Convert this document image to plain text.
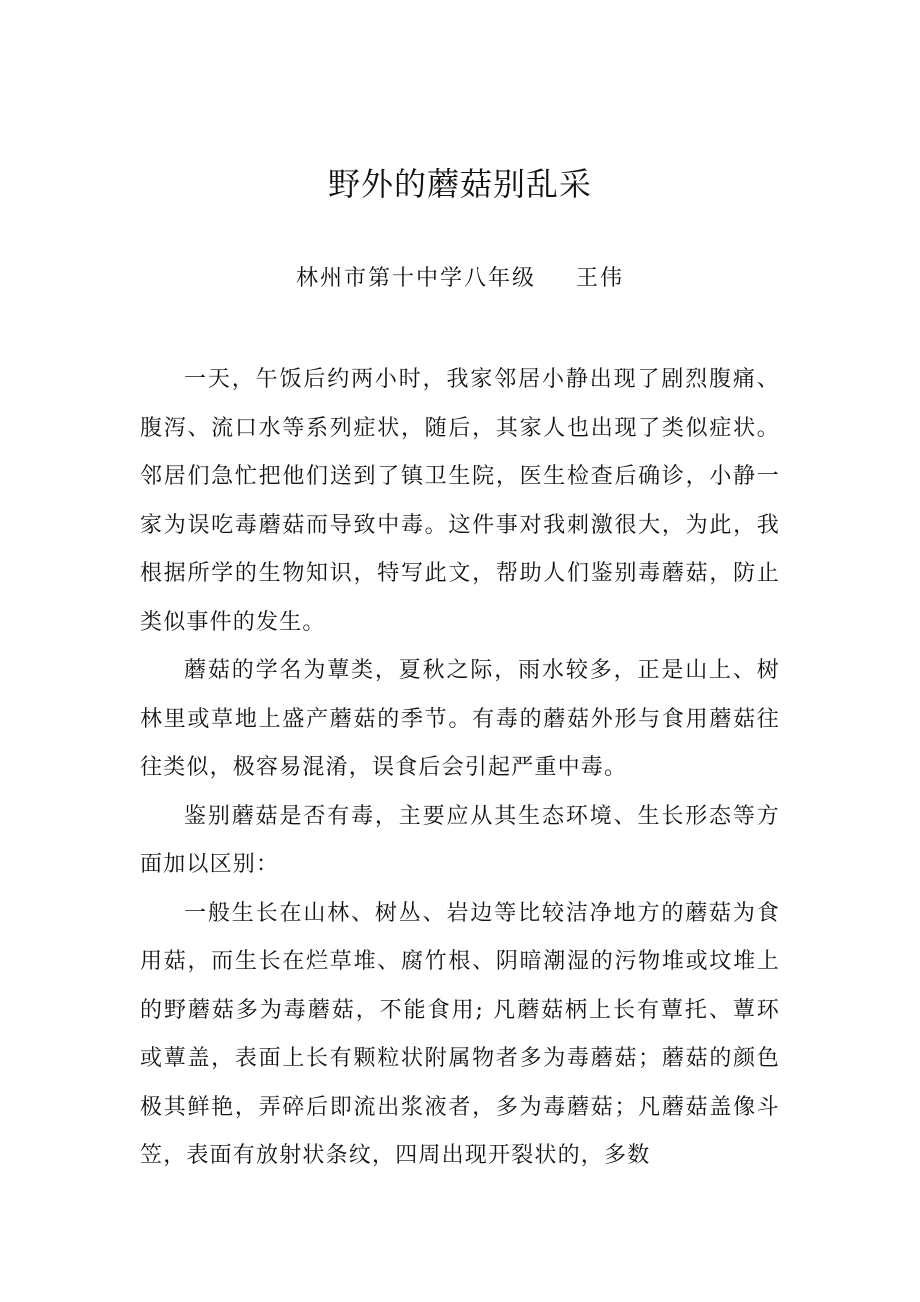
野外的蘑菇别乱采
林州市第十中学八年级 王伟

一天，午饭后约两小时，我家邻居小静出现了剧烈腹痛、腹泻、流口水等系列症状，随后，其家人也出现了类似症状。邻居们急忙把他们送到了镇卫生院，医生检查后确诊，小静一家为误吃毒蘑菇而导致中毒。这件事对我刺激很大，为此，我根据所学的生物知识，特写此文，帮助人们鉴别毒蘑菇，防止类似事件的发生。

蘑菇的学名为蕈类，夏秋之际，雨水较多，正是山上、树林里或草地上盛产蘑菇的季节。有毒的蘑菇外形与食用蘑菇往往类似，极容易混淆，误食后会引起严重中毒。

鉴别蘑菇是否有毒，主要应从其生态环境、生长形态等方面加以区别：

一般生长在山林、树丛、岩边等比较洁净地方的蘑菇为食用菇，而生长在烂草堆、腐竹根、阴暗潮湿的污物堆或坟堆上的野蘑菇多为毒蘑菇，不能食用; 凡蘑菇柄上长有蕈托、蕈环或蕈盖，表面上长有颗粒状附属物者多为毒蘑菇；蘑菇的颜色极其鲜艳，弄碎后即流出浆液者，多为毒蘑菇；凡蘑菇盖像斗笠，表面有放射状条纹，四周出现开裂状的，多数
